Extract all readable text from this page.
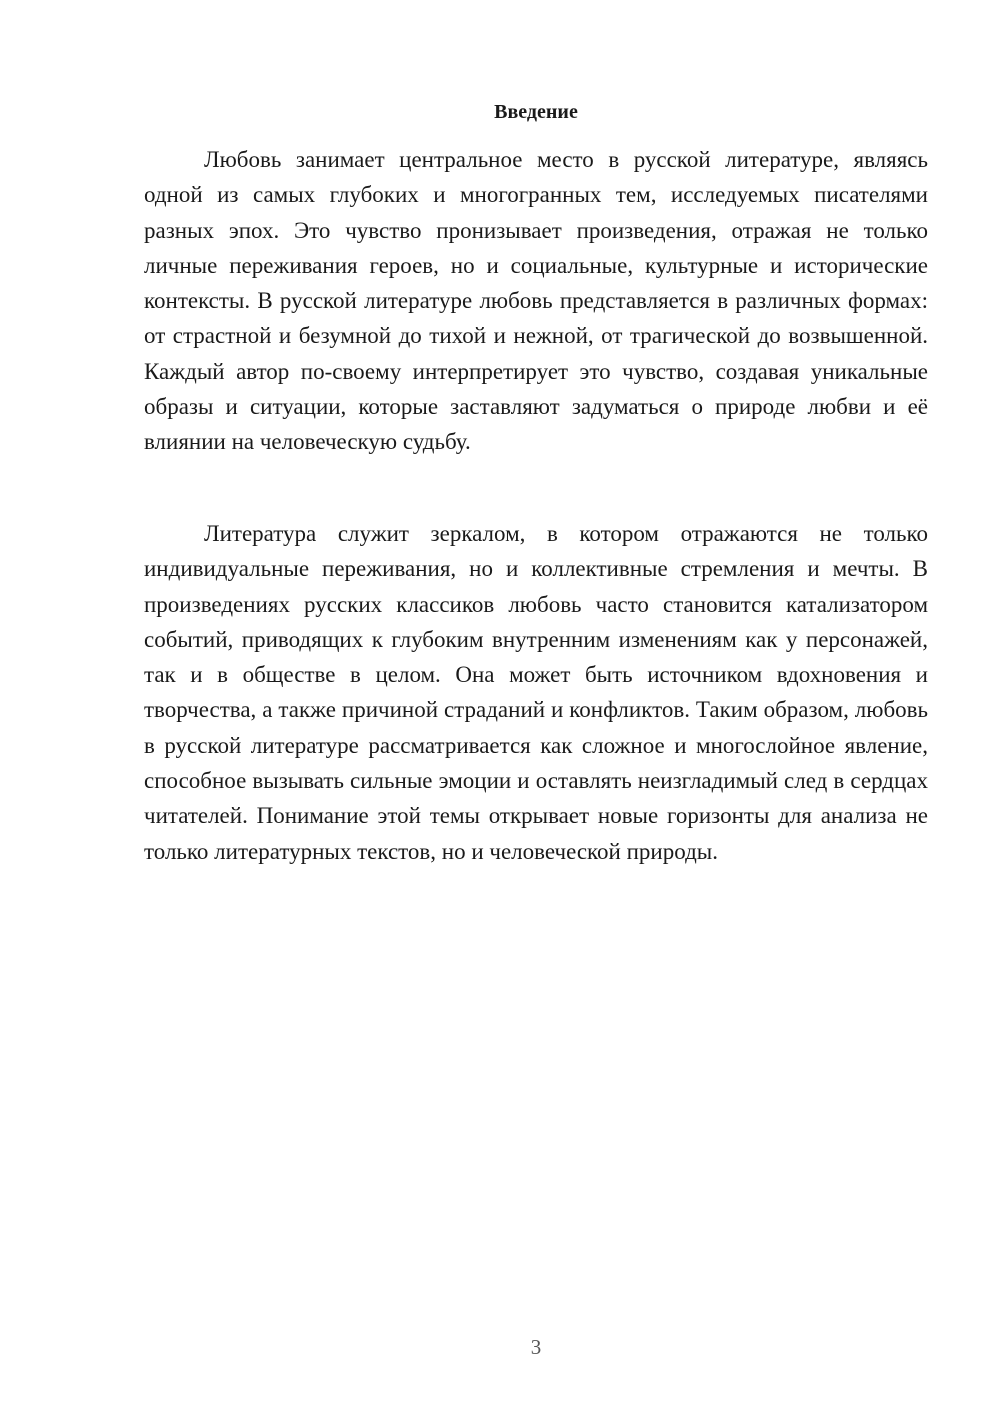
Введение

Любовь занимает центральное место в русской литературе, являясь одной из самых глубоких и многогранных тем, исследуемых писателями разных эпох. Это чувство пронизывает произведения, отражая не только личные переживания героев, но и социальные, культурные и исторические контексты. В русской литературе любовь представляется в различных формах: от страстной и безумной до тихой и нежной, от трагической до возвышенной. Каждый автор по-своему интерпретирует это чувство, создавая уникальные образы и ситуации, которые заставляют задуматься о природе любви и её влиянии на человеческую судьбу.

Литература служит зеркалом, в котором отражаются не только индивидуальные переживания, но и коллективные стремления и мечты. В произведениях русских классиков любовь часто становится катализатором событий, приводящих к глубоким внутренним изменениям как у персонажей, так и в обществе в целом. Она может быть источником вдохновения и творчества, а также причиной страданий и конфликтов. Таким образом, любовь в русской литературе рассматривается как сложное и многослойное явление, способное вызывать сильные эмоции и оставлять неизгладимый след в сердцах читателей. Понимание этой темы открывает новые горизонты для анализа не только литературных текстов, но и человеческой природы.

3
